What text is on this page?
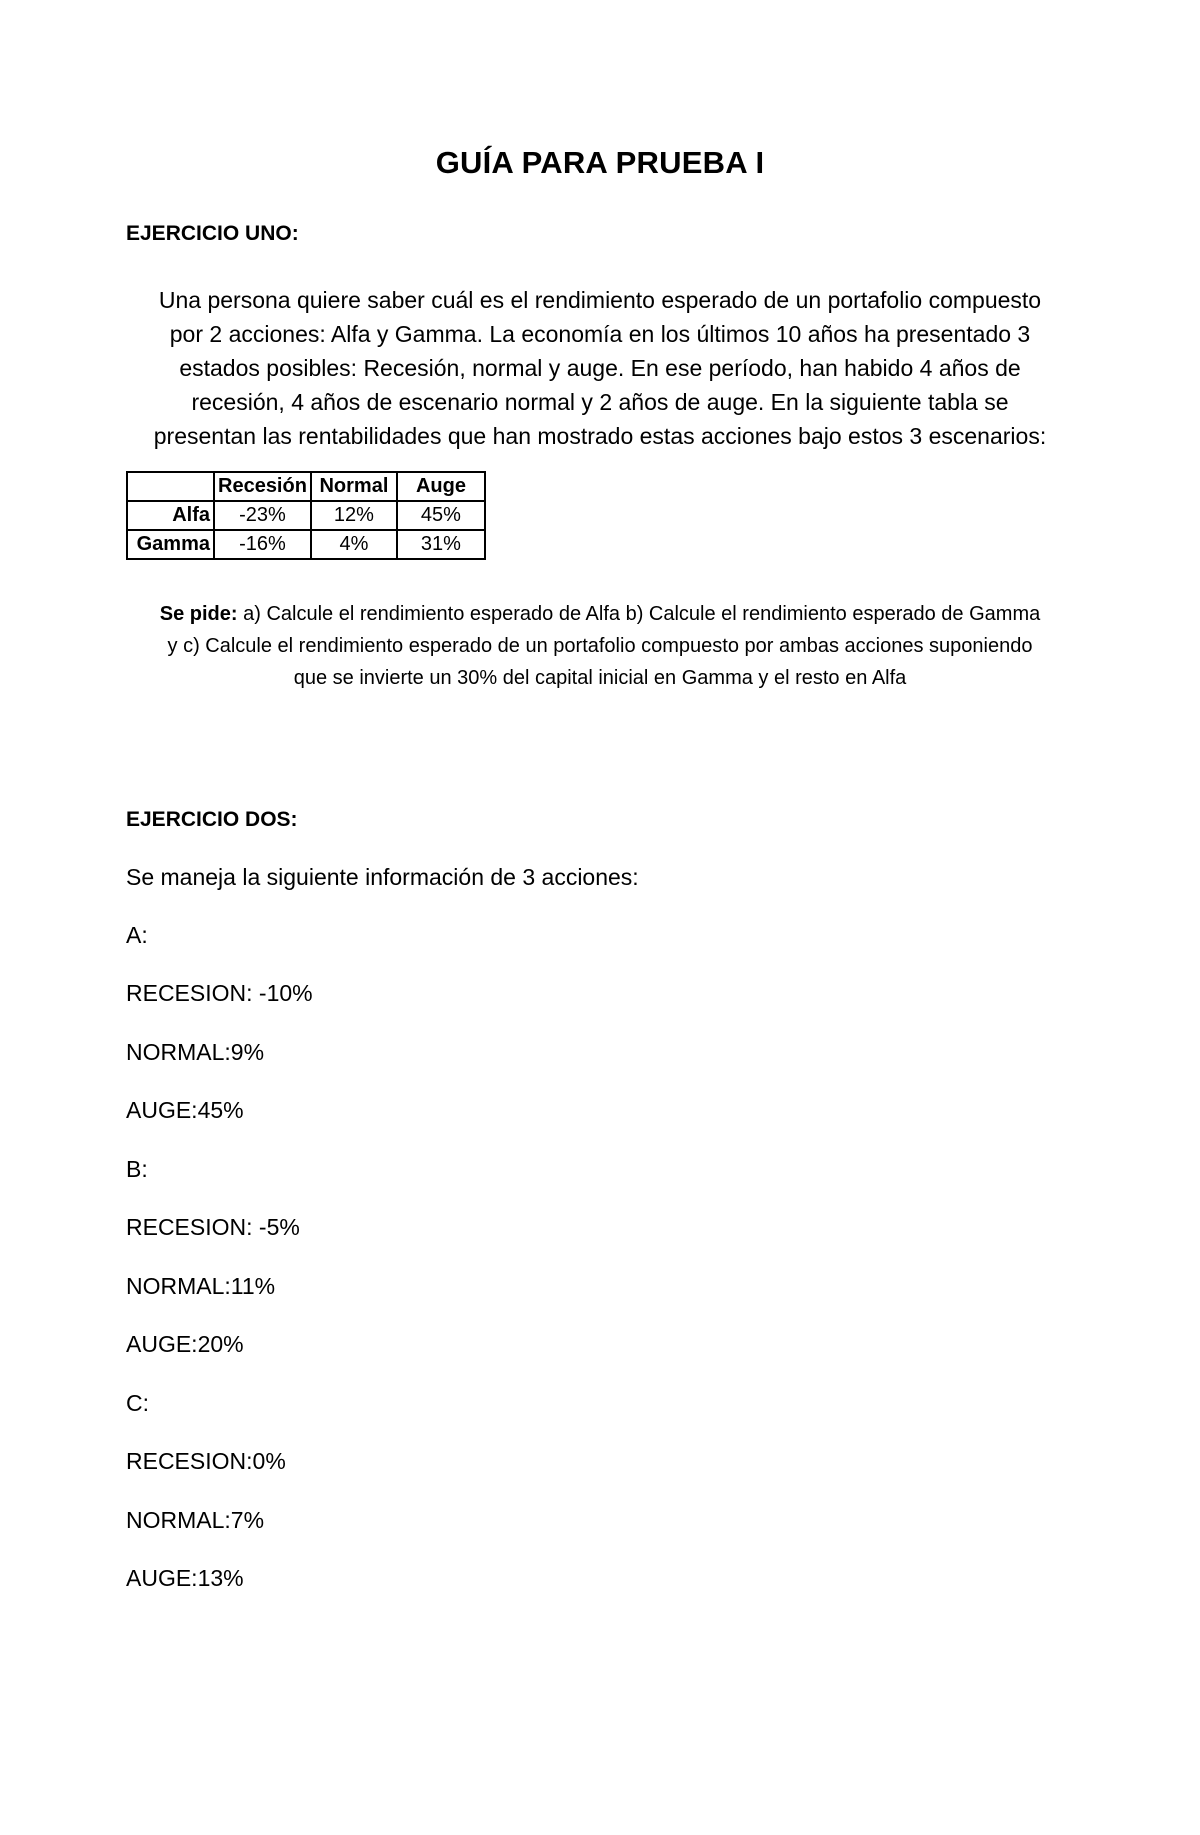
GUÍA PARA PRUEBA I
EJERCICIO UNO:

Una persona quiere saber cuál es el rendimiento esperado de un portafolio compuesto

por 2 acciones: Alfa y Gamma. La economía en los últimos 10 años ha presentado 3

estados posibles: Recesión, normal y auge. En ese período, han habido 4 años de

recesión, 4 años de escenario normal y 2 años de auge. En la siguiente tabla se

presentan las rentabilidades que han mostrado estas acciones bajo estos 3 escenarios:

	Recesión	Normal	Auge
Alfa	-23%	12%	45%
Gamma	-16%	4%	31%
Se pide: a) Calcule el rendimiento esperado de Alfa b) Calcule el rendimiento esperado de Gamma
y c) Calcule el rendimiento esperado de un portafolio compuesto por ambas acciones suponiendo
que se invierte un 30% del capital inicial en Gamma y el resto en Alfa
EJERCICIO DOS:
Se maneja la siguiente información de 3 acciones:
A:
RECESION: -10%
NORMAL:9%
AUGE:45%
B:
RECESION: -5%
NORMAL:11%
AUGE:20%
C:
RECESION:0%
NORMAL:7%
AUGE:13%
